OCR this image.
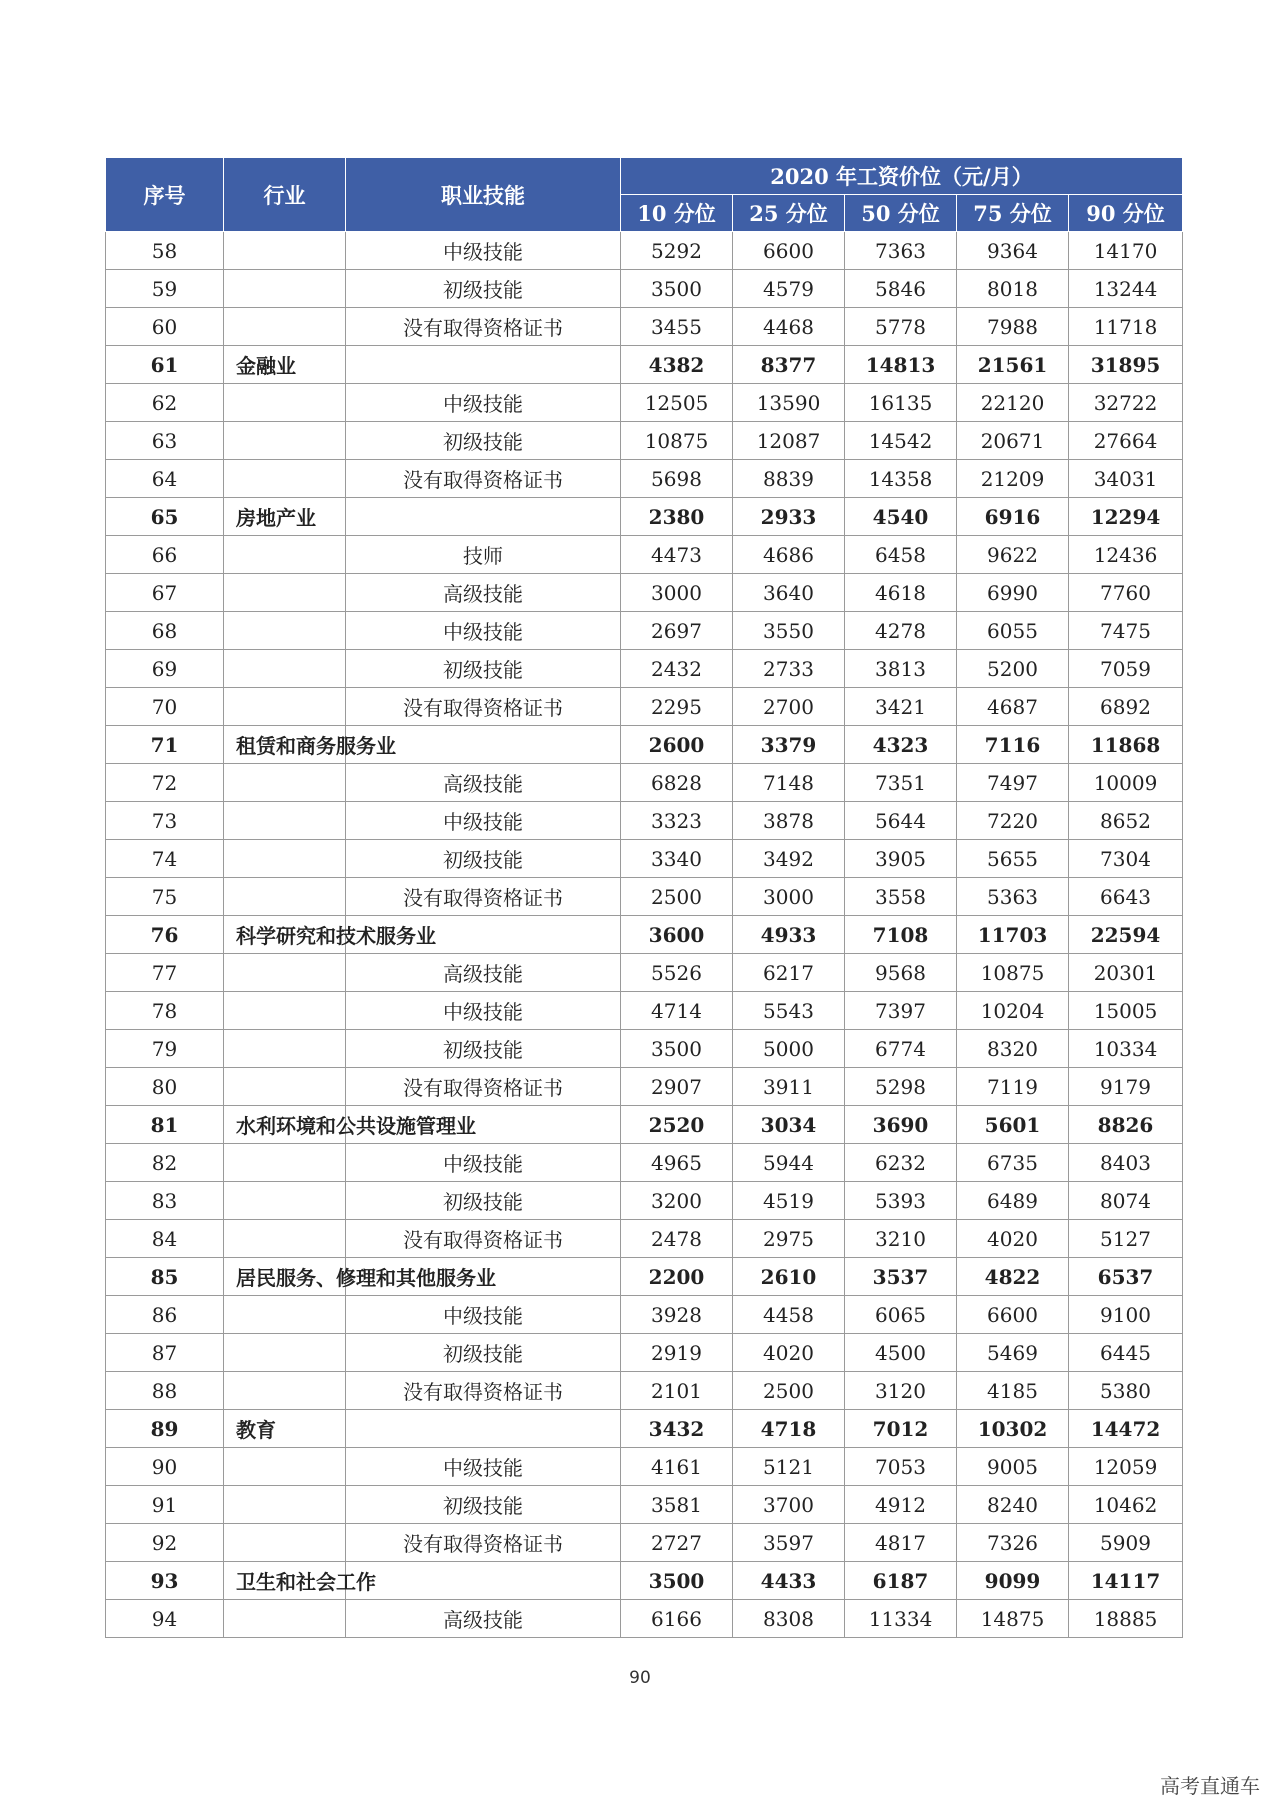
序号	行业	职业技能	2020 年工资价位（元/月）				
			10 分位	25 分位	50 分位	75 分位	90 分位
58		中级技能	5292	6600	7363	9364	14170
59		初级技能	3500	4579	5846	8018	13244
60		没有取得资格证书	3455	4468	5778	7988	11718
61	金融业		4382	8377	14813	21561	31895
62		中级技能	12505	13590	16135	22120	32722
63		初级技能	10875	12087	14542	20671	27664
64		没有取得资格证书	5698	8839	14358	21209	34031
65	房地产业		2380	2933	4540	6916	12294
66		技师	4473	4686	6458	9622	12436
67		高级技能	3000	3640	4618	6990	7760
68		中级技能	2697	3550	4278	6055	7475
69		初级技能	2432	2733	3813	5200	7059
70		没有取得资格证书	2295	2700	3421	4687	6892
71	租赁和商务服务业		2600	3379	4323	7116	11868
72		高级技能	6828	7148	7351	7497	10009
73		中级技能	3323	3878	5644	7220	8652
74		初级技能	3340	3492	3905	5655	7304
75		没有取得资格证书	2500	3000	3558	5363	6643
76	科学研究和技术服务业		3600	4933	7108	11703	22594
77		高级技能	5526	6217	9568	10875	20301
78		中级技能	4714	5543	7397	10204	15005
79		初级技能	3500	5000	6774	8320	10334
80		没有取得资格证书	2907	3911	5298	7119	9179
81	水利环境和公共设施管理业		2520	3034	3690	5601	8826
82		中级技能	4965	5944	6232	6735	8403
83		初级技能	3200	4519	5393	6489	8074
84		没有取得资格证书	2478	2975	3210	4020	5127
85	居民服务、修理和其他服务业		2200	2610	3537	4822	6537
86		中级技能	3928	4458	6065	6600	9100
87		初级技能	2919	4020	4500	5469	6445
88		没有取得资格证书	2101	2500	3120	4185	5380
89	教育		3432	4718	7012	10302	14472
90		中级技能	4161	5121	7053	9005	12059
91		初级技能	3581	3700	4912	8240	10462
92		没有取得资格证书	2727	3597	4817	7326	5909
93	卫生和社会工作		3500	4433	6187	9099	14117
94		高级技能	6166	8308	11334	14875	18885
90
高考直通车
